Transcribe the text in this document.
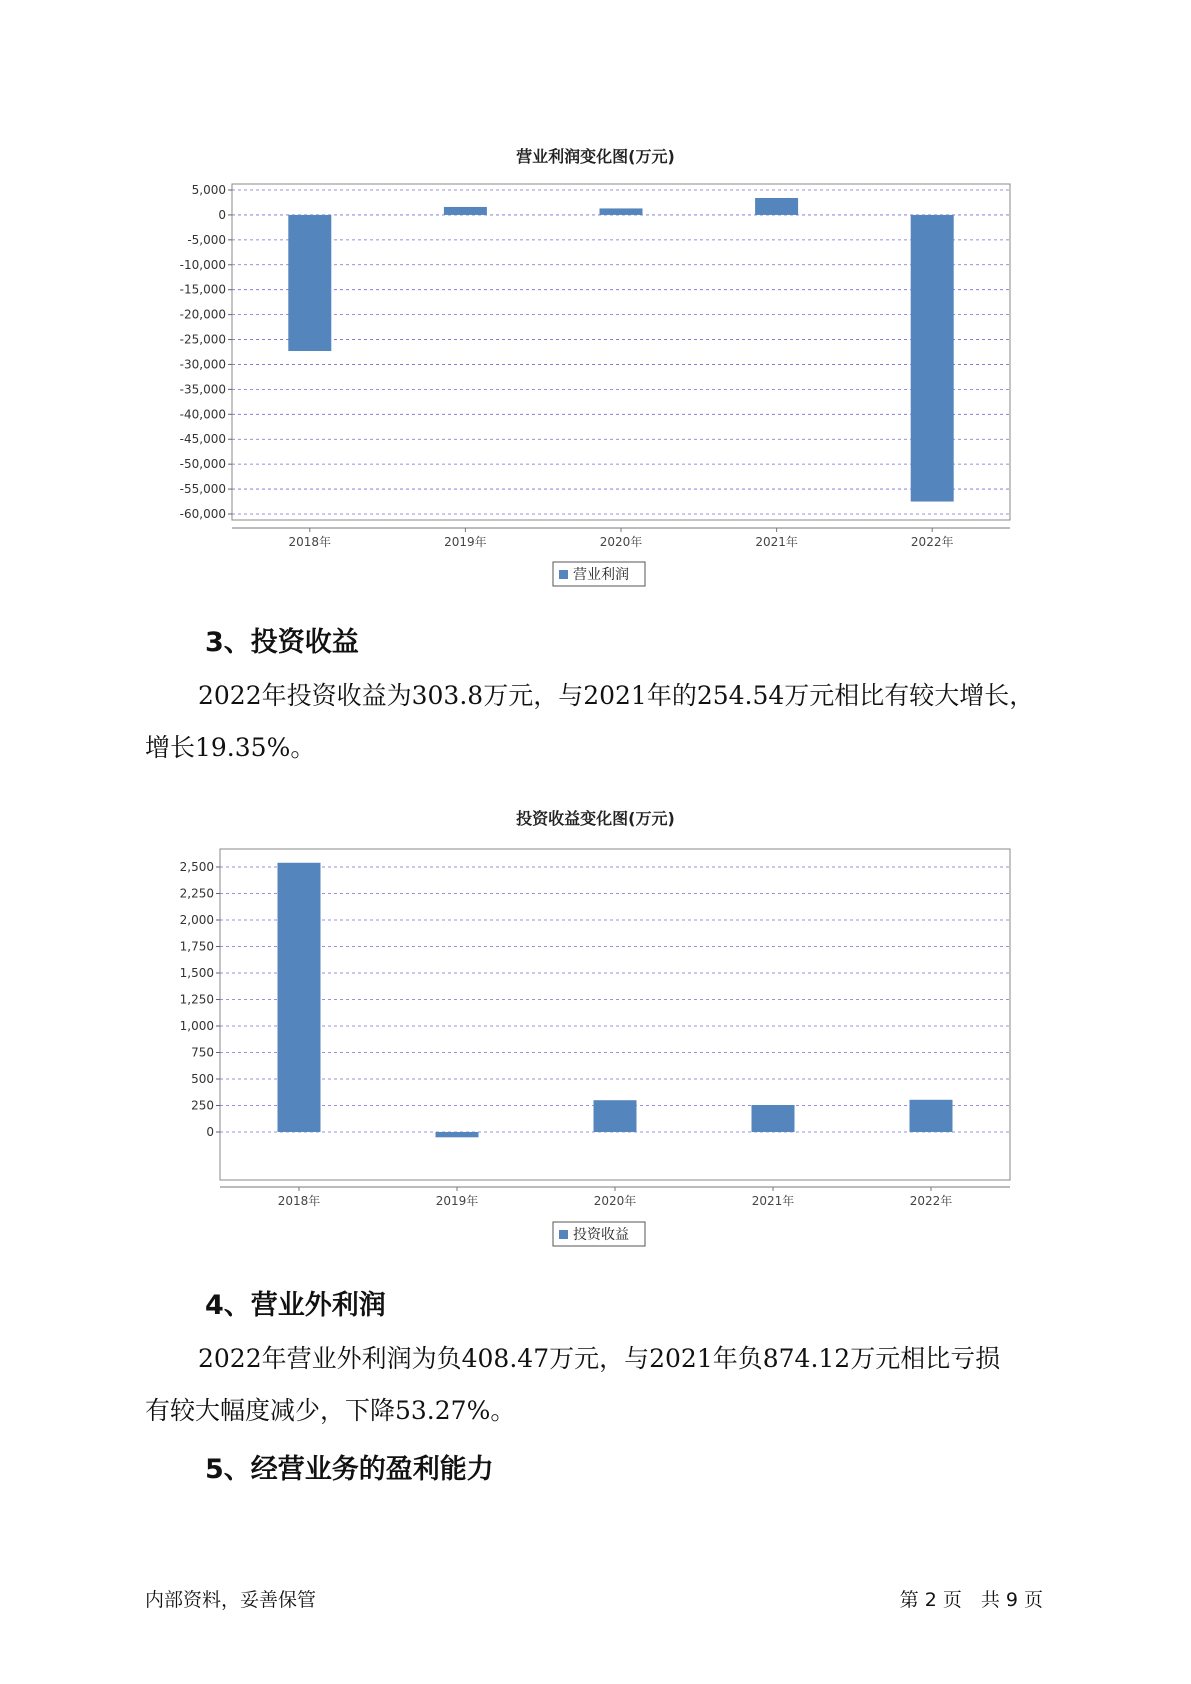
营业利润变化图(万元)
5,000
0
-5,000
-10,000
-15,000
-20,000
-25,000
-30,000
-35,000
-40,000
-45,000
-50,000
-55,000
-60,000
2018年	2019年	2020年	2021年	2022年
营业利润
3、投资收益

2022年投资收益为303.8万元，与2021年的254.54万元相比有较大增长，
增长19.35%。

投资收益变化图(万元)
2,500
2,250
2,000
1,750
1,500
1,250
1,000
750
500
250
0
2018年	2019年	2020年	2021年	2022年
投资收益
4、营业外利润

2022年营业外利润为负408.47万元，与2021年负874.12万元相比亏损
有较大幅度减少，下降53.27%。

5、经营业务的盈利能力
内部资料，妥善保管	第 2 页　共 9 页
